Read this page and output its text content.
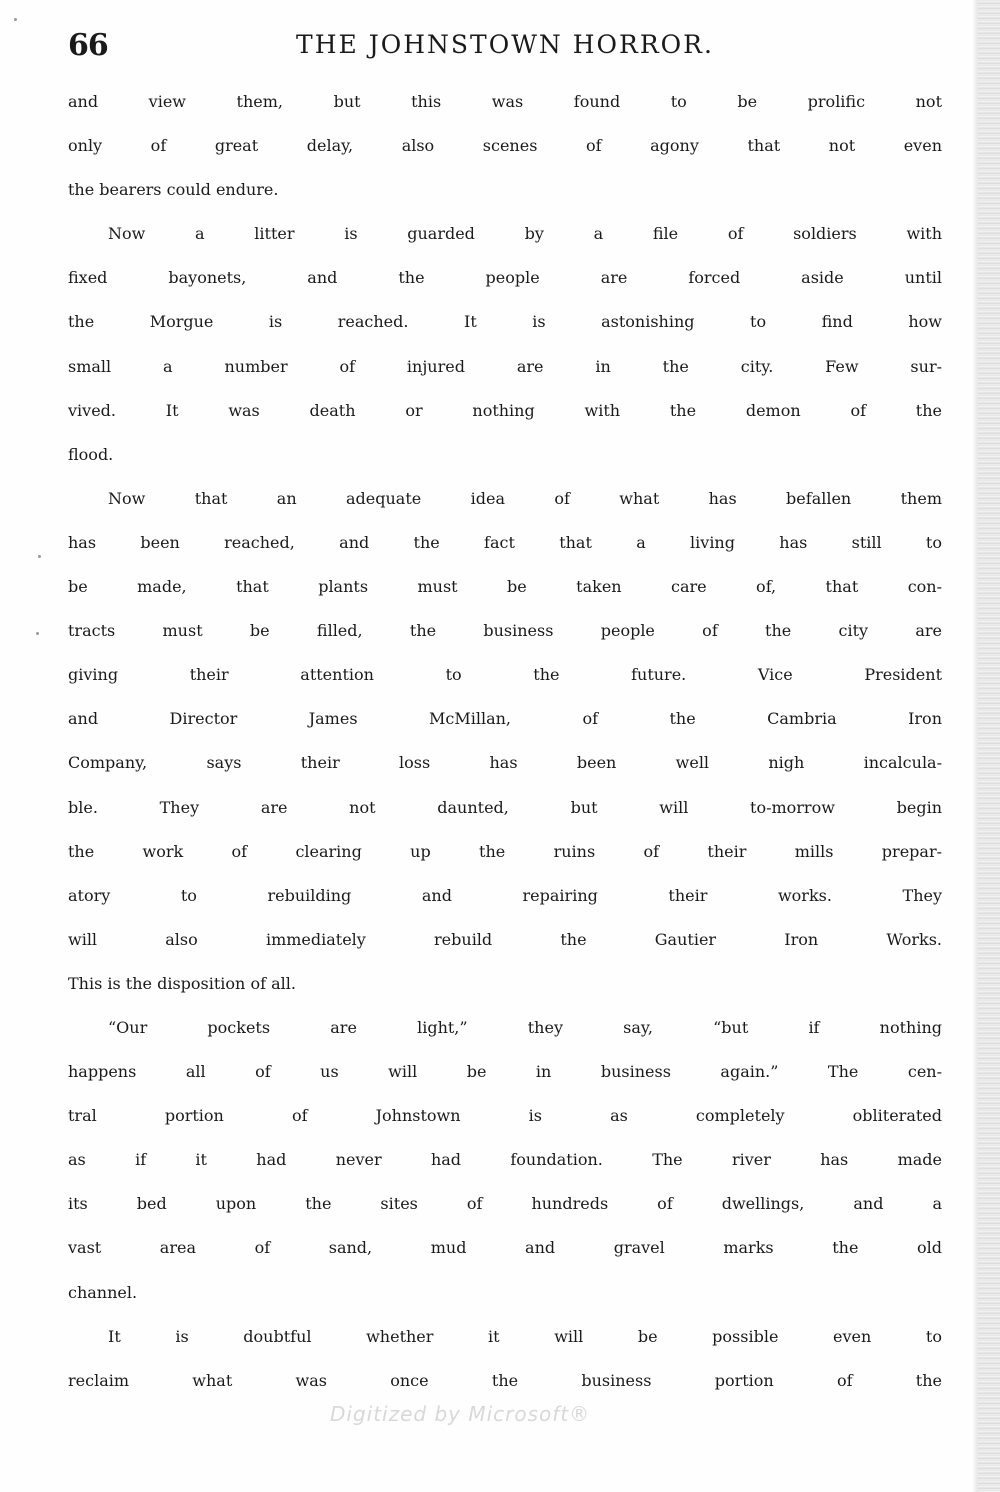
66	THE JOHNSTOWN HORROR.
and view them, but this was found to be prolific not
only of great delay, also scenes of agony that not even
the bearers could endure.
Now a litter is guarded by a file of soldiers with
fixed bayonets, and the people are forced aside until
the Morgue is reached. It is astonishing to find how
small a number of injured are in the city. Few sur-
vived. It was death or nothing with the demon of the
flood.
Now that an adequate idea of what has befallen them
has been reached, and the fact that a living has still to
be made, that plants must be taken care of, that con-
tracts must be filled, the business people of the city are
giving their attention to the future. Vice President
and Director James McMillan, of the Cambria Iron
Company, says their loss has been well nigh incalcula-
ble. They are not daunted, but will to-morrow begin
the work of clearing up the ruins of their mills prepar-
atory to rebuilding and repairing their works. They
will also immediately rebuild the Gautier Iron Works.
This is the disposition of all.
“Our pockets are light,” they say, “but if nothing
happens all of us will be in business again.” The cen-
tral portion of Johnstown is as completely obliterated
as if it had never had foundation. The river has made
its bed upon the sites of hundreds of dwellings, and a
vast area of sand, mud and gravel marks the old
channel.
It is doubtful whether it will be possible even to
reclaim what was once the business portion of the
Digitized by Microsoft®
